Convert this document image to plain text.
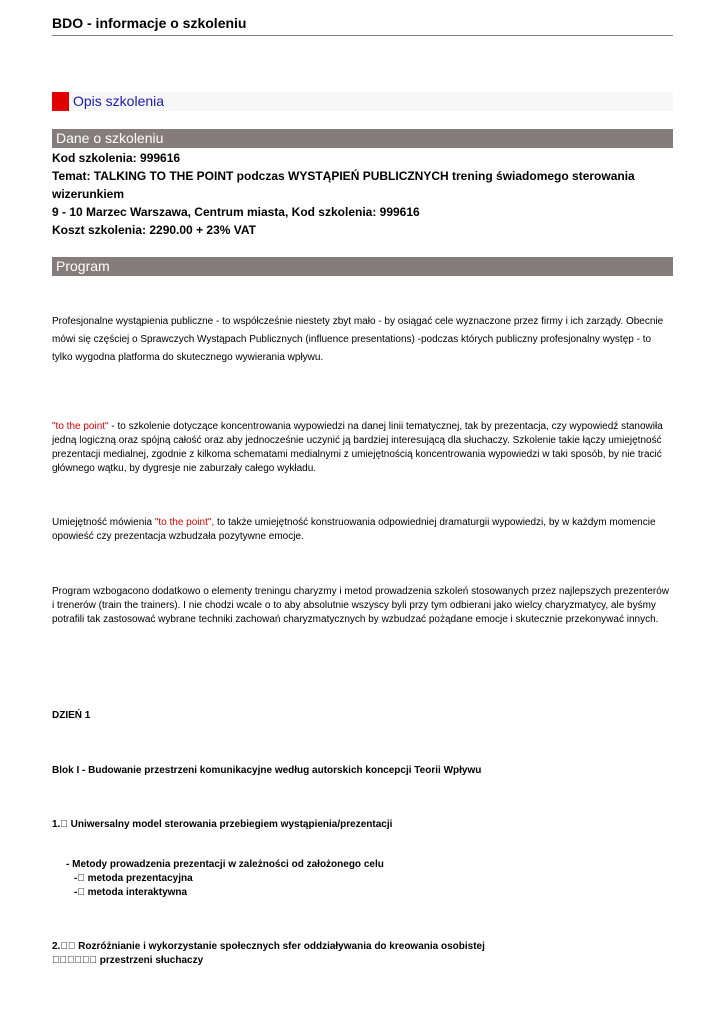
BDO - informacje o szkoleniu
Opis szkolenia
Dane o szkoleniu
Kod szkolenia: 999616
Temat: TALKING TO THE POINT podczas WYSTĄPIEŃ PUBLICZNYCH trening świadomego sterowania wizerunkiem
9 - 10 Marzec Warszawa, Centrum miasta, Kod szkolenia: 999616
Koszt szkolenia: 2290.00 + 23% VAT
Program
Profesjonalne wystąpienia publiczne - to współcześnie niestety zbyt mało - by osiągać cele wyznaczone przez firmy i ich zarządy. Obecnie mówi się częściej o Sprawczych Wystąpach Publicznych (influence presentations) -podczas których publiczny profesjonalny występ - to tylko wygodna platforma do skutecznego wywierania wpływu.
"to the point" - to szkolenie dotyczące koncentrowania wypowiedzi na danej linii tematycznej, tak by prezentacja, czy wypowiedź stanowiła jedną logiczną oraz spójną całość oraz aby jednocześnie uczynić ją bardziej interesującą dla słuchaczy. Szkolenie takie łączy umiejętność prezentacji medialnej, zgodnie z kilkoma schematami medialnymi z umiejętnością koncentrowania wypowiedzi w taki sposób, by nie tracić głównego wątku, by dygresje nie zaburzały całego wykładu.
Umiejętność mówienia "to the point", to także umiejętność konstruowania odpowiedniej dramaturgii wypowiedzi, by w każdym momencie opowieść czy prezentacja wzbudzała pozytywne emocje.
Program wzbogacono dodatkowo o elementy treningu charyzmy i metod prowadzenia szkoleń stosowanych przez najlepszych prezenterów i trenerów (train the trainers). I nie chodzi wcale o to aby absolutnie wszyscy byli przy tym odbierani jako wielcy charyzmatycy, ale byśmy potrafili tak zastosować wybrane techniki zachowań charyzmatycznych by wzbudzać pożądane emocje i skutecznie przekonywać innych.
DZIEŃ 1
Blok I - Budowanie przestrzeni komunikacyjne według autorskich koncepcji Teorii Wpływu
1.  Uniwersalny model sterowania przebiegiem wystąpienia/prezentacji
- Metody prowadzenia prezentacji w zależności od założonego celu
-  metoda prezentacyjna
-  metoda interaktywna
2.   Rozróżnianie i wykorzystanie społecznych sfer oddziaływania do kreowania osobistej
       przestrzeni słuchaczy
